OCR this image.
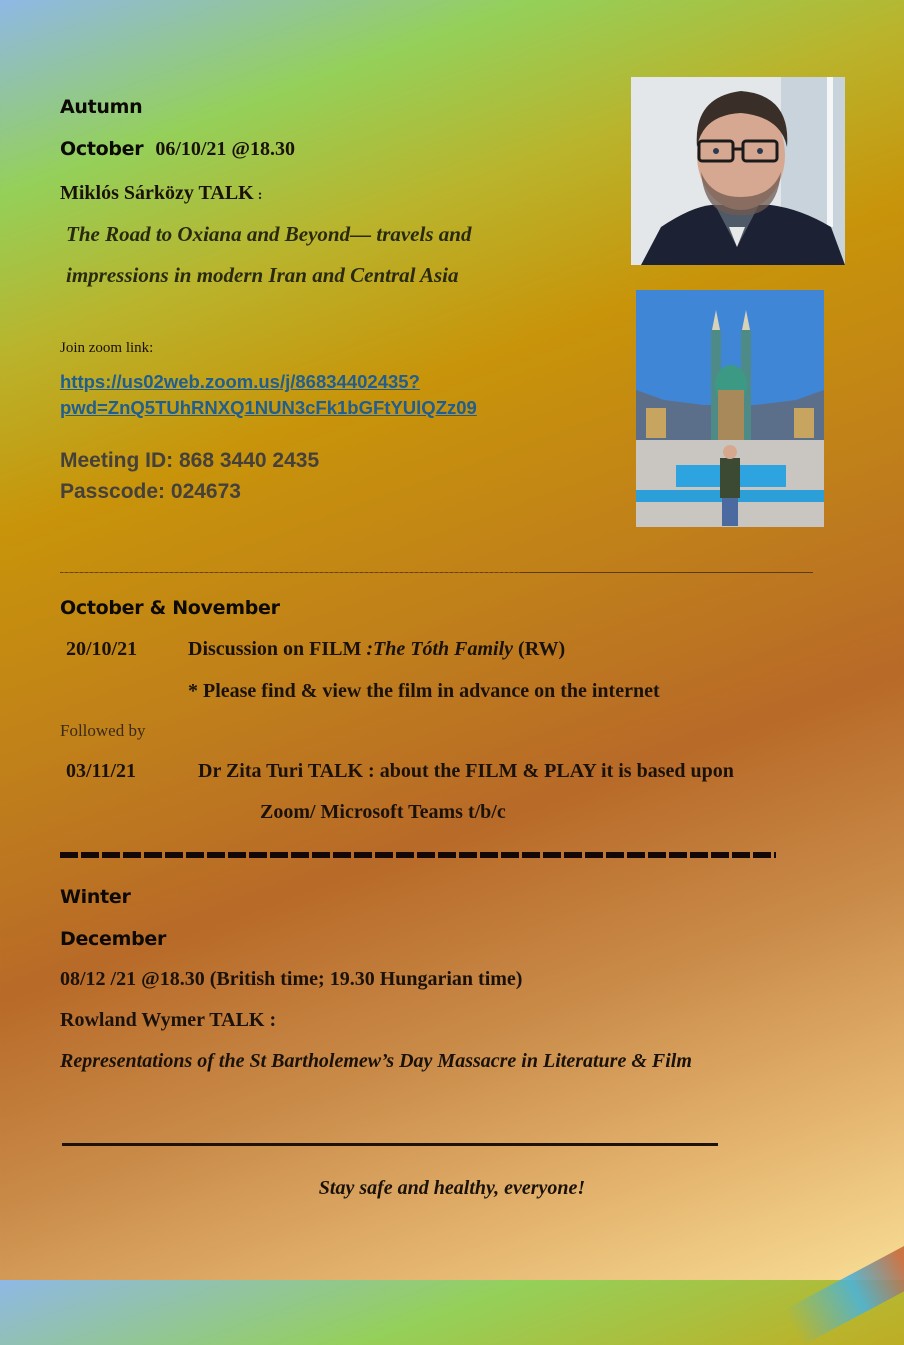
Autumn
October 06/10/21 @18.30
Miklós Sárközy TALK :
The Road to Oxiana and Beyond— travels and
impressions in modern Iran and Central Asia
Join zoom link:
https://us02web.zoom.us/j/86834402435?
pwd=ZnQ5TUhRNXQ1NUN3cFk1bGFtYUlQZz09
Meeting ID: 868 3440 2435
Passcode: 024673
October & November
20/10/21	Discussion on FILM :The Tóth Family (RW)
* Please find & view the film in advance on the internet
Followed by
03/11/21	Dr Zita Turi TALK : about the FILM & PLAY it is based upon
Zoom/ Microsoft Teams t/b/c
Winter
December
08/12 /21 @18.30 (British time; 19.30 Hungarian time)
Rowland Wymer TALK :
Representations of the St Bartholemew’s Day Massacre in Literature & Film
Stay safe and healthy, everyone!
